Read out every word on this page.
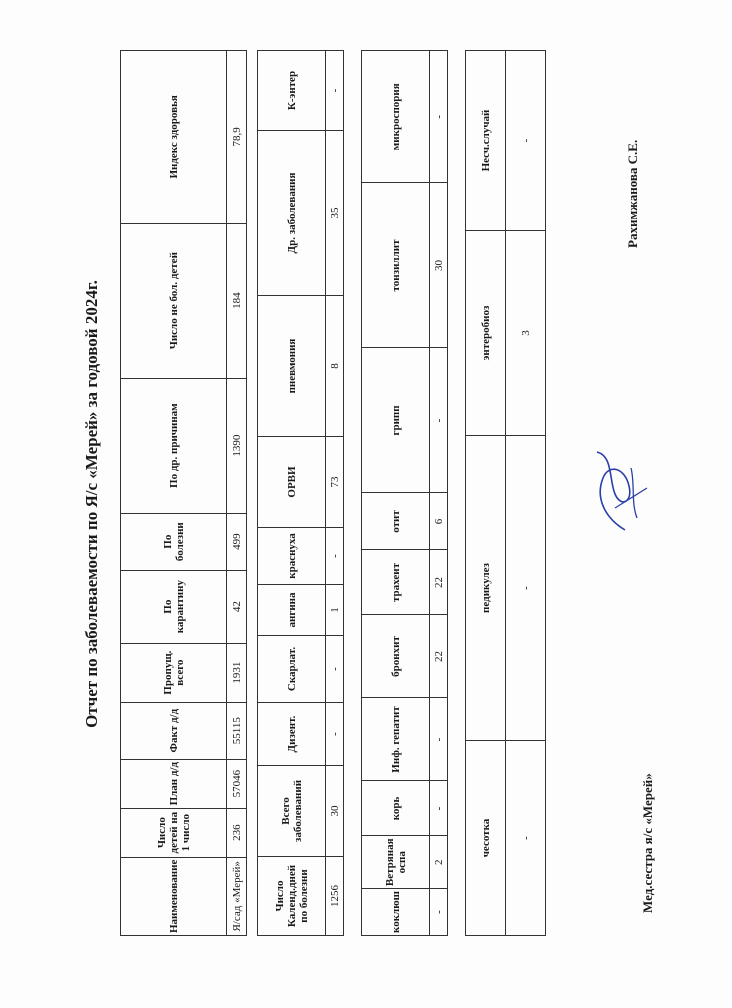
Отчет по заболеваемости по Я/с «Мерей» за годовой 2024г.
Наименование	Число детей на 1 число	План д/д	Факт д/д	Пропущ. всего	По карантину	По болезни	По др. причинам	Число не бол. детей	Индекс здоровья
Я/сад «Мерей»	236	57046	55115	1931	42	499	1390	184	78,9
Число Календ.дней по болезни	Всего заболеваний	Дизент.	Скарлат.	ангина	краснуха	ОРВИ	пневмония	Др. заболевания	К-энтер
1256	30	-	-	1	-	73	8	35	-
коклюш	Ветряная оспа	корь	Инф. гепатит	бронхит	трахеит	отит	грипп	тонзиллит	микроспория
-	2	-	-	22	22	6	-	30	-
чесотка	педикулез	энтеробиоз	Несч.случай
-	-	3	-
Мед.сестра я/с «Мерей»
Рахимжанова С.Е.
